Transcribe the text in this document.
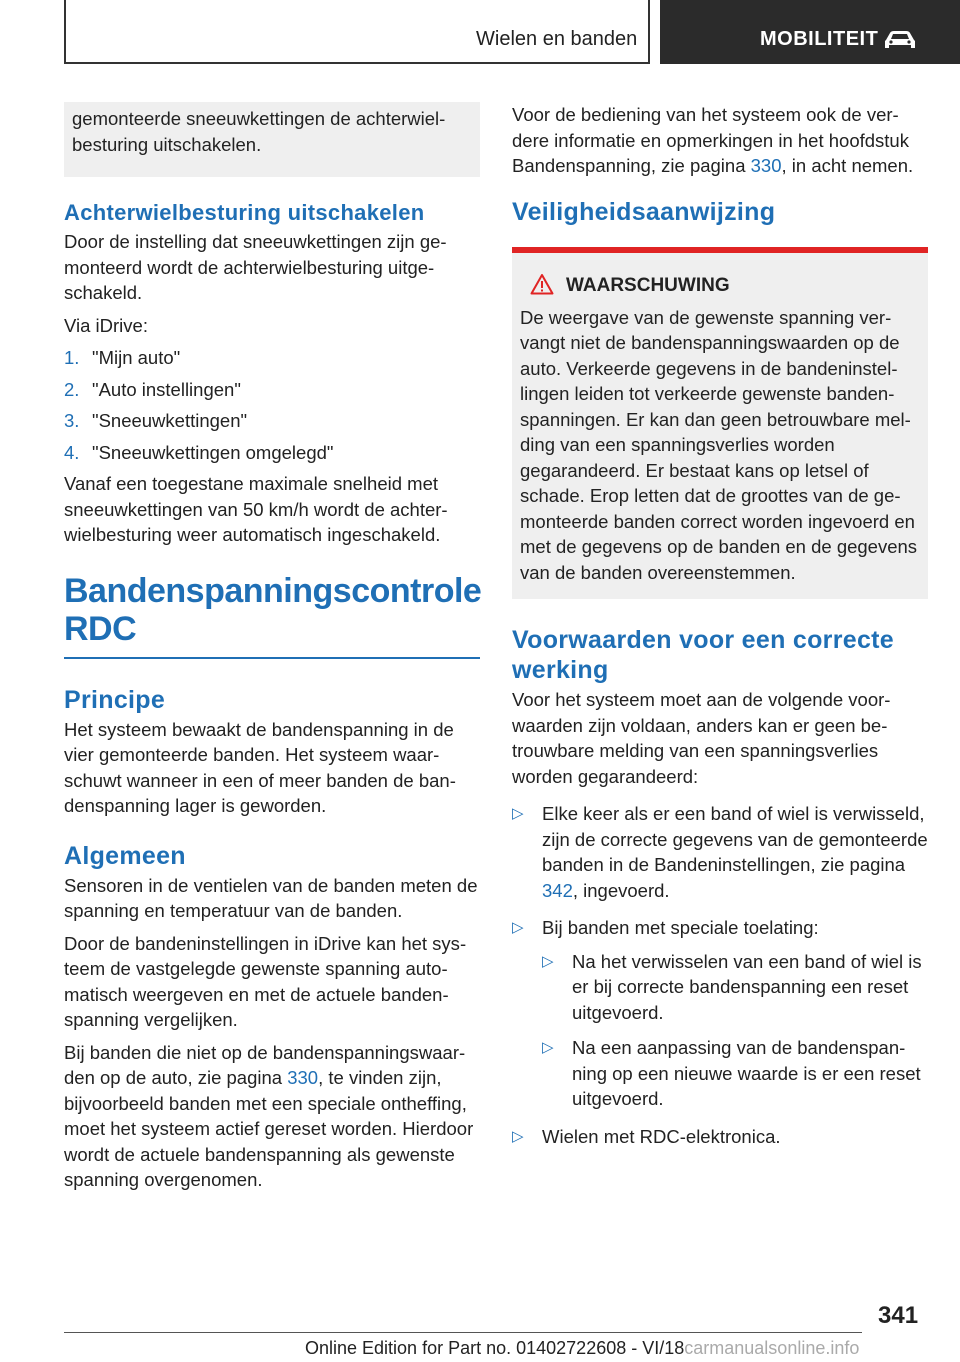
Wielen en banden	MOBILITEIT

gemonteerde sneeuwkettingen de achterwielbesturing uitschakelen.

Achterwielbesturing uitschakelen

Door de instelling dat sneeuwkettingen zijn gemonteerd wordt de achterwielbesturing uitgeschakeld.

Via iDrive:

1. "Mijn auto"
2. "Auto instellingen"
3. "Sneeuwkettingen"
4. "Sneeuwkettingen omgelegd"

Vanaf een toegestane maximale snelheid met sneeuwkettingen van 50 km/h wordt de achterwielbesturing weer automatisch ingeschakeld.

Bandenspanningscontrole
RDC
Principe

Het systeem bewaakt de bandenspanning in de vier gemonteerde banden. Het systeem waarschuwt wanneer in een of meer banden de bandenspanning lager is geworden.

Algemeen

Sensoren in de ventielen van de banden meten de spanning en temperatuur van de banden.

Door de bandeninstellingen in iDrive kan het systeem de vastgelegde gewenste spanning automatisch weergeven en met de actuele bandenspanning vergelijken.

Bij banden die niet op de bandenspanningswaarden op de auto, zie pagina 330, te vinden zijn, bijvoorbeeld banden met een speciale ontheffing, moet het systeem actief gereset worden. Hierdoor wordt de actuele bandenspanning als gewenste spanning overgenomen.

Voor de bediening van het systeem ook de verdere informatie en opmerkingen in het hoofdstuk Bandenspanning, zie pagina 330, in acht nemen.

Veiligheidsaanwijzing
WAARSCHUWING

De weergave van de gewenste spanning vervangt niet de bandenspanningswaarden op de auto. Verkeerde gegevens in de bandeninstellingen leiden tot verkeerde gewenste bandenspanningen. Er kan dan geen betrouwbare melding van een spanningsverlies worden gegarandeerd. Er bestaat kans op letsel of schade. Erop letten dat de groottes van de gemonteerde banden correct worden ingevoerd en met de gegevens op de banden en de gegevens van de banden overeenstemmen.

Voorwaarden voor een correcte werking

Voor het systeem moet aan de volgende voorwaarden zijn voldaan, anders kan er geen betrouwbare melding van een spanningsverlies worden gegarandeerd:

▷ Elke keer als er een band of wiel is verwisseld, zijn de correcte gegevens van de gemonteerde banden in de Bandeninstellingen, zie pagina 342, ingevoerd.
▷ Bij banden met speciale toelating:
▷ Na het verwisselen van een band of wiel is er bij correcte bandenspanning een reset uitgevoerd.
▷ Na een aanpassing van de bandenspanning op een nieuwe waarde is er een reset uitgevoerd.
▷ Wielen met RDC-elektronica.
341
Online Edition for Part no. 01402722608 - VI/18carmanualsonline.info
